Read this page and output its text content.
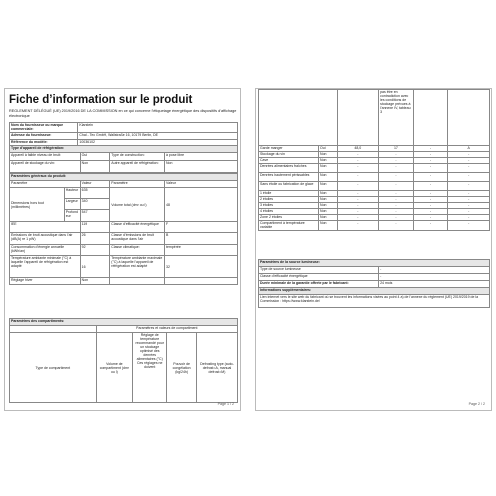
Fiche d’information sur le produit
REGLEMENT DÉLÉGUÉ (UE) 2019/2016 DE LA COMMISSION en ce qui concerne l’étiquetage énergétique des dispositifs d’affichage électronique
Nom du fournisseur ou marque commerciale:	Klarstein
Adresse du fournisseur:	Chal - Tec GmbH, Wallstraße 16, 10179 Berlin, DE
Référence du modèle:	10036102
Type d’appareil de réfrigération:			
Appareil à faible niveau de bruit:	Oui	Type de construction:	à pose libre
Appareil de stockage du vin:	Non	Autre appareil de réfrigération:	Non
Paramètres généraux du produit:				
Paramètre		Valeur	Paramètre	Valeur
Dimensions hors tout (millimètres)	Hauteur	635	Volume total (dm³ ou l)	48
	Largeur	340		
	Profondeur	547		
IEE		119	Classe d’efficacité énergétique	F
Émissions de bruit acoustique dans l’air (dB(A) re 1 pW)		26	Classe d’émissions de bruit acoustique dans l’air	B
Consommation d’énergie annuelle (kWh/an)		92	Classe climatique:	tempérée
Température ambiante minimale (°C) à laquelle l’appareil de réfrigération est adapté		16	Température ambiante maximale (°C) à laquelle l’appareil de réfrigération est adapté	32
Réglage hiver		Non		
Paramètres des compartiments:				
	Paramètres et valeurs de compartiment			
Type de compartiment	Volume de compartiment (dm³ ou l)	Réglage de température recommandé pour un stockage optimisé des denrées alimentaires (°C) Ces réglages ne doivent	Pouvoir de congélation (kg/24h)	Defrosting type (auto-defrost=A, manual defrost=M)
Page 1 / 2
			pas être en contradiction avec les conditions de stockage prévues à l’annexe IV, tableau 3		
Garde manger	Oui	48,0	17	-	A
Stockage du vin	Non	-	-	-	-
Cave	Non	-	-	-	-
Denrées alimentaires fraîches	Non	-	-	-	-
Denrées hautement périssables	Non	-	-	-	-
Sans étoile ou fabrication de glace	Non	-	-	-	-
1 étoile	Non	-	-	-	-
2 étoiles	Non	-	-	-	-
3 étoiles	Non	-	-	-	-
4 étoiles	Non	-	-	-	-
Zone 2 étoiles	Non	-	-	-	-
Compartiment à température variable	Non	-	-	-	-
Paramètres de la source lumineuse:	
Type de source lumineuse	-
Classe d’efficacité énergétique	-
Durée minimale de la garantie offerte par le fabricant:	24 mois
Informations supplémentaires:	
Lien internet vers le site web du fabricant où se trouvent les informations visées au point 4 a) de l’annexe du règlement (UE) 2019/2019 de la Commission : https://www.klarstein.de/	
Page 2 / 2
